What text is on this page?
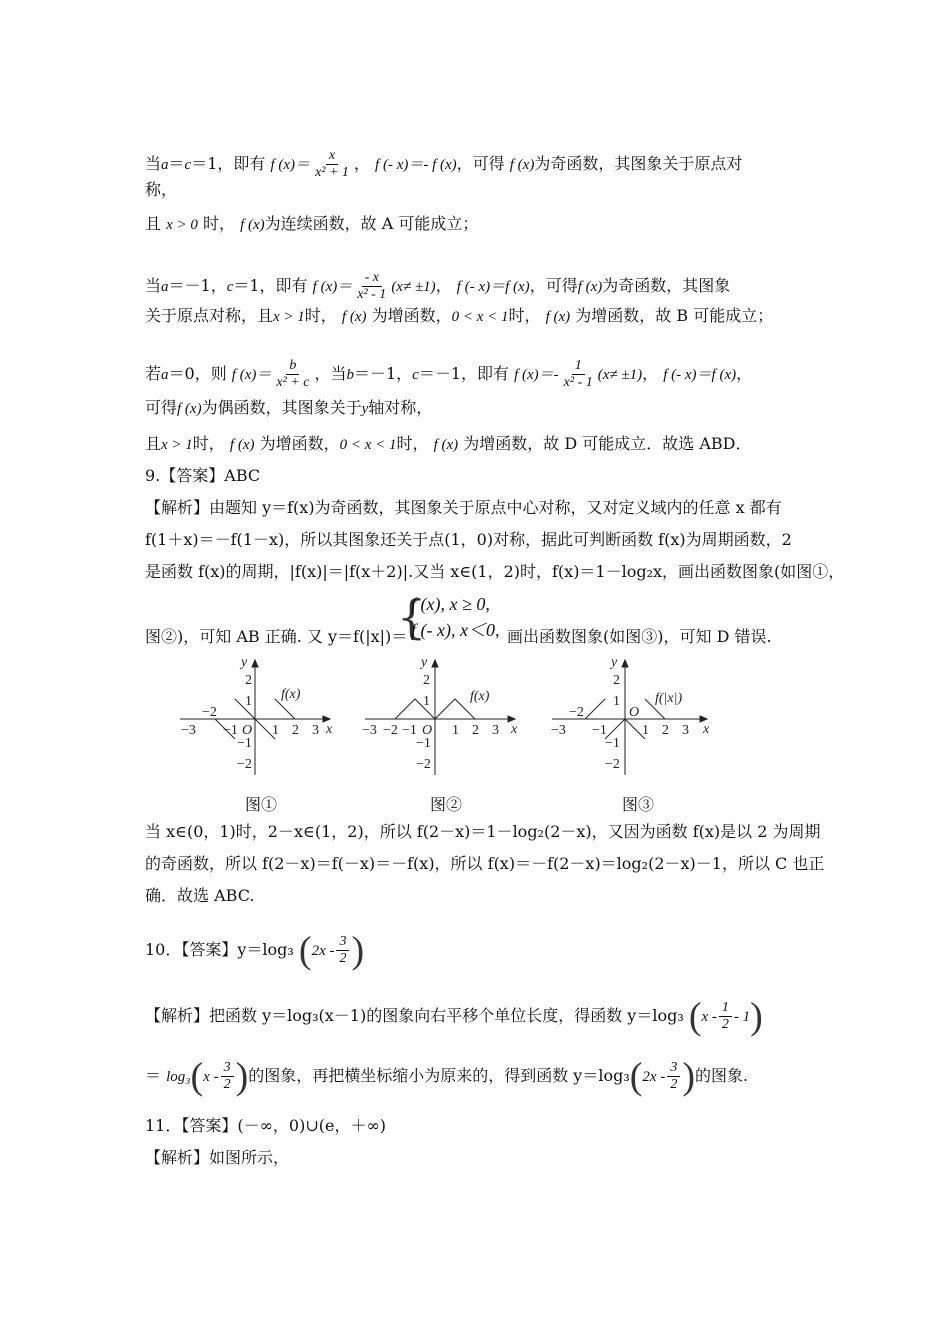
当a＝c＝1，即有 f $(x)= \frac{x}{\text{x² + 1}}$ ， f (- x)＝- f (x)，可得 f (x)为奇函数，其图象关于原点对
称，
且 x > 0 时， f (x)为连续函数，故 A 可能成立；
当a＝－1，c＝1，即有 f $(x)= \frac{- x}{\text{x² - 1}} (x\ne \pm 1)$， f (- x)＝f (x)，可得f (x)为奇函数，其图象
关于原点对称，且x > 1时， f (x) 为增函数，0 < x < 1时， f (x) 为增函数，故 B 可能成立；
若a＝0，则 f $(x)= \frac{b}{\text{x² + c}}$ ，当b＝－1，c＝－1，即有 f $(x)=- \frac{1}{\text{x² - 1}} (x\ne \pm 1)$， f (- x)＝f (x)，
可得f (x)为偶函数，其图象关于y轴对称，
且x > 1时， f (x) 为增函数，0 < x < 1时， f (x) 为增函数，故 D 可能成立．故选 ABD．
9.【答案】ABC
【解析】由题知 y＝f(x)为奇函数，其图象关于原点中心对称，又对定义域内的任意 x 都有
f(1＋x)＝－f(1－x)，所以其图象还关于点(1，0)对称，据此可判断函数 f(x)为周期函数，2
是函数 f(x)的周期，|f(x)|＝|f(x＋2)|.又当 x∈(1，2)时，f(x)＝1－log₂x，画出函数图象(如图①，
图②)，可知 AB 正确. 又 y＝f(|x|)＝
{
f (x), x ≥ 0,
f (- x), x＜0, 画出函数图象(如图③)，可知 D 错误.
y
x
O
f(x)
−3
−2
−1 1 2 3
2
1
−1
−2
y
x
O
f(x)
−3 −2 −1	1 2 3
2
1
−1
−2
y
x
O
f(|x|)
−3
−2
−1	1 2 3
2
1
−1
−2
图①	图②	图③
当 x∈(0，1)时，2－x∈(1，2)，所以 f(2－x)＝1－log₂(2－x)，又因为函数 f(x)是以 2 为周期
的奇函数，所以 f(2－x)＝f(－x)＝－f(x)，所以 f(x)＝－f(2－x)＝log₂(2－x)－1，所以 C 也正
确．故选 ABC.
10．【答案】y＝log₃ ($2x - \frac{3}{2}$ )
【解析】把函数 y＝log₃(x－1)的图象向右平移个单位长度，得函数 y＝log₃ $(x - \frac{1}{2} - 1)$
＝ $\log_3(x - \frac{3}{2}$ )的图象，再把横坐标缩小为原来的，得到函数 $y=\log_3(2x - \frac{3}{2}$ )的图象.
11．【答案】(－∞，0)∪(e，＋∞)
【解析】如图所示，
